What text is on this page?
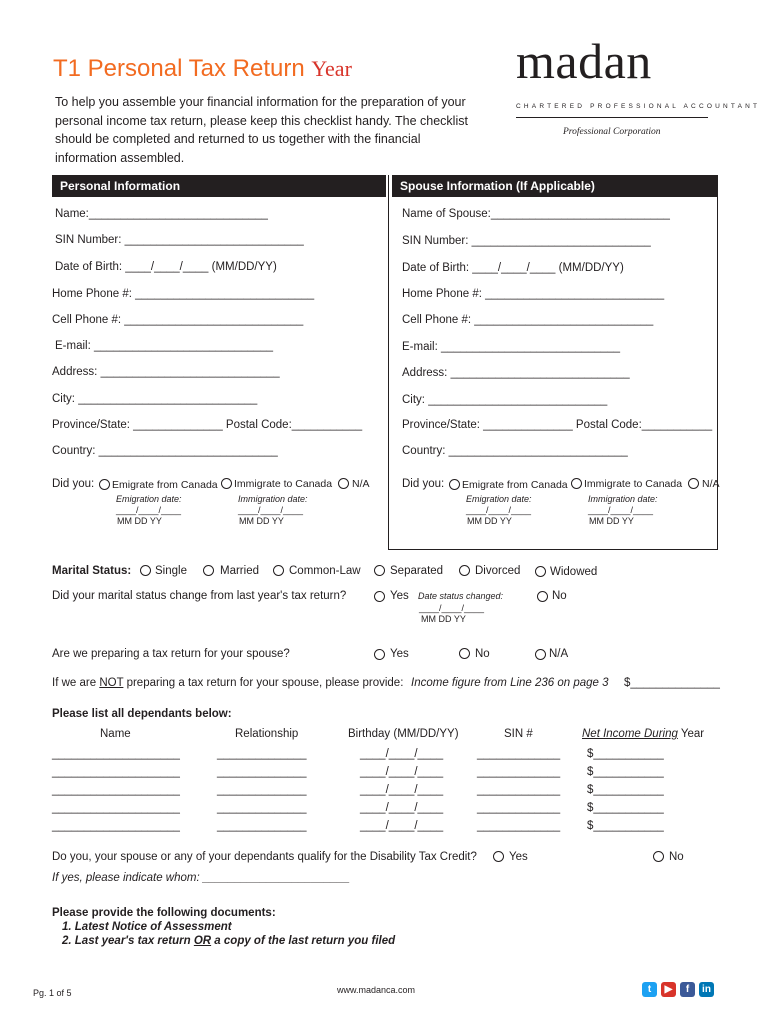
T1 Personal Tax Return Year
To help you assemble your financial information for the preparation of your personal income tax return, please keep this checklist handy. The checklist should be completed and returned to us together with the financial information assembled.
madan
CHARTERED PROFESSIONAL ACCOUNTANT
Professional Corporation
Personal Information	Spouse Information (If Applicable)
Name:____________________________
SIN Number: ____________________________
Date of Birth: ____/____/____ (MM/DD/YY)
Home Phone #: ____________________________
Cell Phone #: ____________________________
E-mail: ____________________________
Address: ____________________________
City: ____________________________
Province/State: ______________ Postal Code:___________
Country: ____________________________
Did you: Emigrate from Canada Immigrate to Canada N/A
Emigration date:
____/____/____
MM DD YY
Immigration date:
____/____/____
MM DD YY
Name of Spouse:____________________________
SIN Number: ____________________________
Date of Birth: ____/____/____ (MM/DD/YY)
Home Phone #: ____________________________
Cell Phone #: ____________________________
E-mail: ____________________________
Address: ____________________________
City: ____________________________
Province/State: ______________ Postal Code:___________
Country: ____________________________
Did you: Emigrate from Canada Immigrate to Canada N/A
Emigration date:
____/____/____
MM DD YY
Immigration date:
____/____/____
MM DD YY
Marital Status: Single	Married	Common-Law	Separated	Divorced	Widowed
Did your marital status change from last year's tax return?	Yes Date status changed:
____/____/____
MM DD YY
No
Are we preparing a tax return for your spouse?	Yes	No	N/A
If we are NOT preparing a tax return for your spouse, please provide: Income figure from Line 236 on page 3 $______________
Please list all dependants below:
Name	Relationship	Birthday (MM/DD/YY)	SIN #	Net Income During Year
____________________	______________	____/____/____	_____________ $___________
____________________	______________	____/____/____	_____________ $___________
____________________	______________	____/____/____	_____________ $___________
____________________	______________	____/____/____	_____________ $___________
____________________	______________	____/____/____	_____________ $___________
Do you, your spouse or any of your dependants qualify for the Disability Tax Credit?	Yes	No
If yes, please indicate whom: _______________________
Please provide the following documents:
1. Latest Notice of Assessment
2. Last year's tax return OR a copy of the last return you filed
Pg. 1 of 5	www.madanca.com	t	▶	f	in
